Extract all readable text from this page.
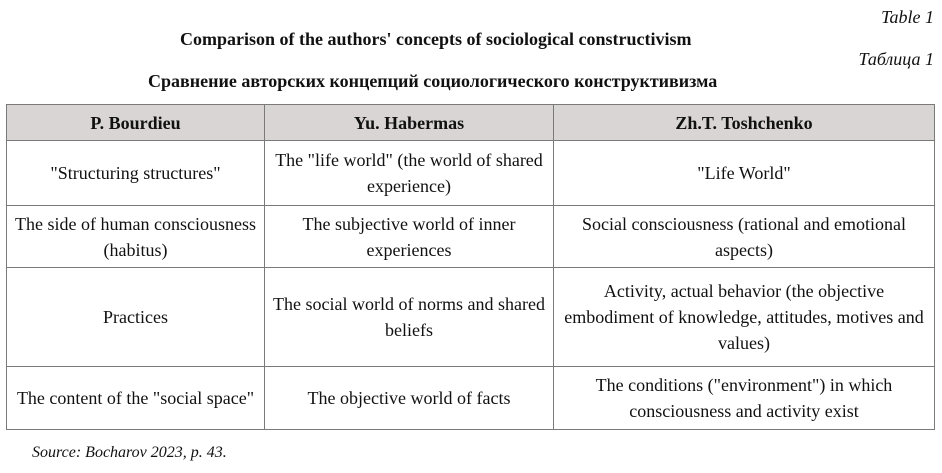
Table 1
Comparison of the authors' concepts of sociological constructivism
Таблица 1
Сравнение авторских концепций социологического конструктивизма
P. Bourdieu	Yu. Habermas	Zh.T. Toshchenko
"Structuring structures"	The "life world" (the world of shared experience)	"Life World"
The side of human consciousness (habitus)	The subjective world of inner experiences	Social consciousness (rational and emotional aspects)
Practices	The social world of norms and shared beliefs	Activity, actual behavior (the objective embodiment of knowledge, attitudes, motives and values)
The content of the "social space"	The objective world of facts	The conditions ("environment") in which consciousness and activity exist
Source: Bocharov 2023, p. 43.
